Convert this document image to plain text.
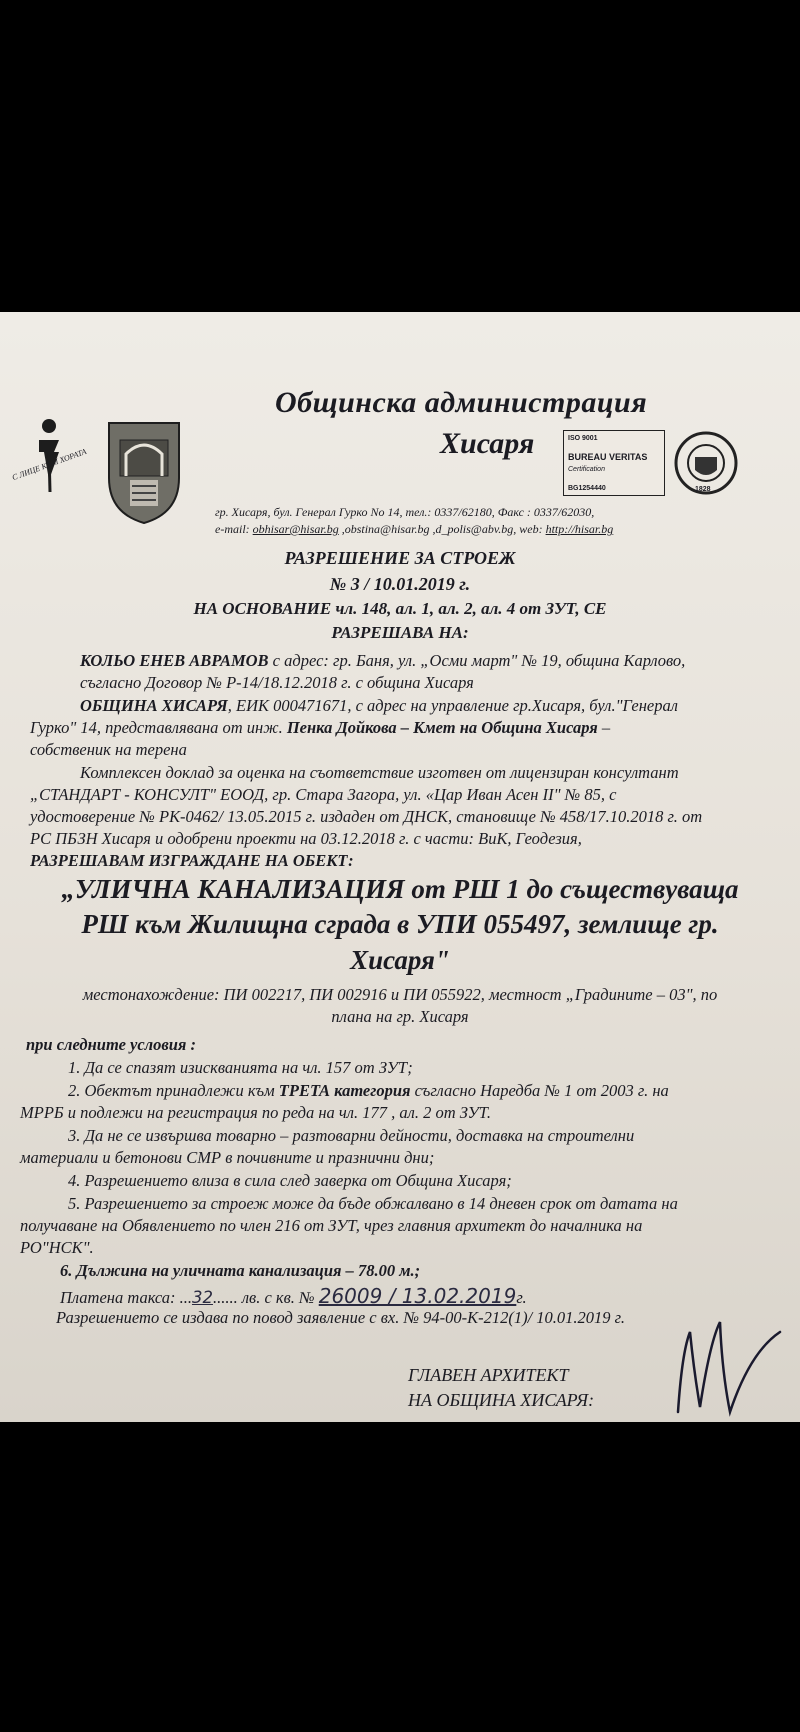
С ЛИЦЕ КЪМ ХОРАТА
Общинска администрация
Хисаря	ISO 9001
BUREAU VERITAS
Certification
BG1254440	1828
гр. Хисаря, бул. Генерал Гурко No 14, тел.: 0337/62180, Факс : 0337/62030,
e-mail: obhisar@hisar.bg ,obstina@hisar.bg ,d_polis@abv.bg, web: http://hisar.bg
РАЗРЕШЕНИЕ ЗА СТРОЕЖ
№ 3 / 10.01.2019 г.
НА ОСНОВАНИЕ чл. 148, ал. 1, ал. 2, ал. 4 от ЗУТ, СЕ
РАЗРЕШАВА НА:
КОЛЬО ЕНЕВ АВРАМОВ с адрес: гр. Баня, ул. „Осми март" № 19, община Карлово,
съгласно Договор № Р-14/18.12.2018 г. с община Хисаря
ОБЩИНА ХИСАРЯ, ЕИК 000471671, с адрес на управление гр.Хисаря, бул."Генерал
Гурко" 14, представлявана от инж. Пенка Дойкова – Кмет на Община Хисаря –
собственик на терена
Комплексен доклад за оценка на съответствие изготвен от лицензиран консултант
„СТАНДАРТ - КОНСУЛТ" ЕООД, гр. Стара Загора, ул. «Цар Иван Асен II" № 85, с
удостоверение № РК-0462/ 13.05.2015 г. издаден от ДНСК, становище № 458/17.10.2018 г. от
РС ПБЗН Хисаря и одобрени проекти на 03.12.2018 г. с части: ВиК, Геодезия,
РАЗРЕШАВАМ ИЗГРАЖДАНЕ НА ОБЕКТ:
„УЛИЧНА КАНАЛИЗАЦИЯ от РШ 1 до съществуваща
РШ към Жилищна сграда в УПИ 055497, землище гр.
Хисаря"
местонахождение: ПИ 002217, ПИ 002916 и ПИ 055922, местност „Градините – 03", по
плана на гр. Хисаря
при следните условия :
1. Да се спазят изискванията на чл. 157 от ЗУТ;
2. Обектът принадлежи към ТРЕТА категория съгласно Наредба № 1 от 2003 г. на
МРРБ и подлежи на регистрация по реда на чл. 177 , ал. 2 от ЗУТ.
3. Да не се извършва товарно – разтоварни дейности, доставка на строителни
материали и бетонови СМР в почивните и празнични дни;
4. Разрешението влиза в сила след заверка от Община Хисаря;
5. Разрешението за строеж може да бъде обжалвано в 14 дневен срок от датата на
получаване на Обявлението по член 216 от ЗУТ, чрез главния архитект до началника на
РО"НСК".
6. Дължина на уличната канализация – 78.00 м.;
Платена такса: ...32...... лв. с кв. № 26009 / 13.02.2019г.
Разрешението се издава по повод заявление с вх. № 94-00-К-212(1)/ 10.01.2019 г.
ГЛАВЕН АРХИТЕКТ
НА ОБЩИНА ХИСАРЯ:
